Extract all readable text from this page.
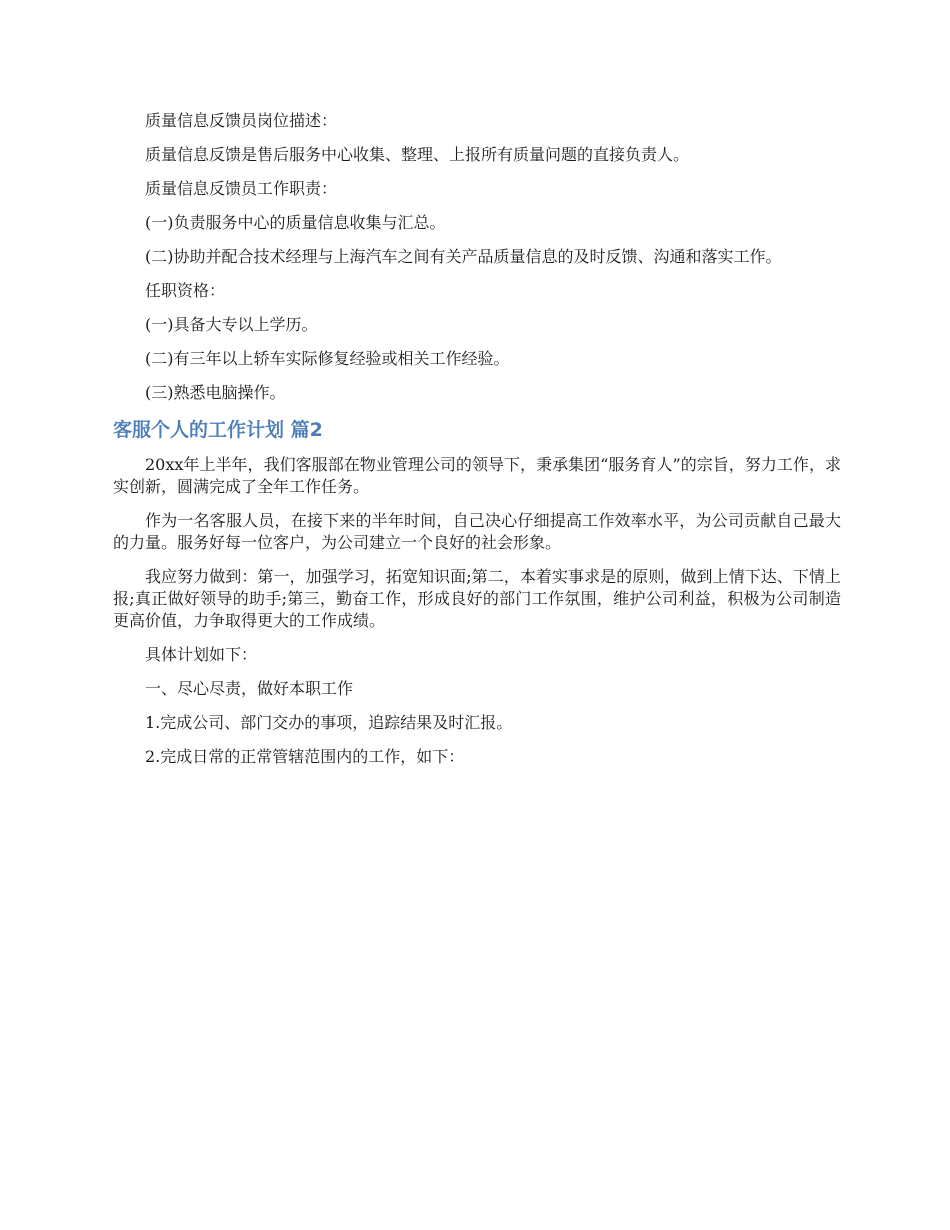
质量信息反馈员岗位描述：

质量信息反馈是售后服务中心收集、整理、上报所有质量问题的直接负责人。

质量信息反馈员工作职责：

(一)负责服务中心的质量信息收集与汇总。

(二)协助并配合技术经理与上海汽车之间有关产品质量信息的及时反馈、沟通和落实工作。

任职资格：

(一)具备大专以上学历。

(二)有三年以上轿车实际修复经验或相关工作经验。

(三)熟悉电脑操作。

客服个人的工作计划 篇2

20xx年上半年，我们客服部在物业管理公司的领导下，秉承集团“服务育人”的宗旨，努力工作，求实创新，圆满完成了全年工作任务。

作为一名客服人员，在接下来的半年时间，自己决心仔细提高工作效率水平，为公司贡献自己最大的力量。服务好每一位客户，为公司建立一个良好的社会形象。

我应努力做到：第一，加强学习，拓宽知识面;第二，本着实事求是的原则，做到上情下达、下情上报;真正做好领导的助手;第三，勤奋工作，形成良好的部门工作氛围，维护公司利益，积极为公司制造更高价值，力争取得更大的工作成绩。

具体计划如下：

一、尽心尽责，做好本职工作

1.完成公司、部门交办的事项，追踪结果及时汇报。

2.完成日常的正常管辖范围内的工作，如下：
